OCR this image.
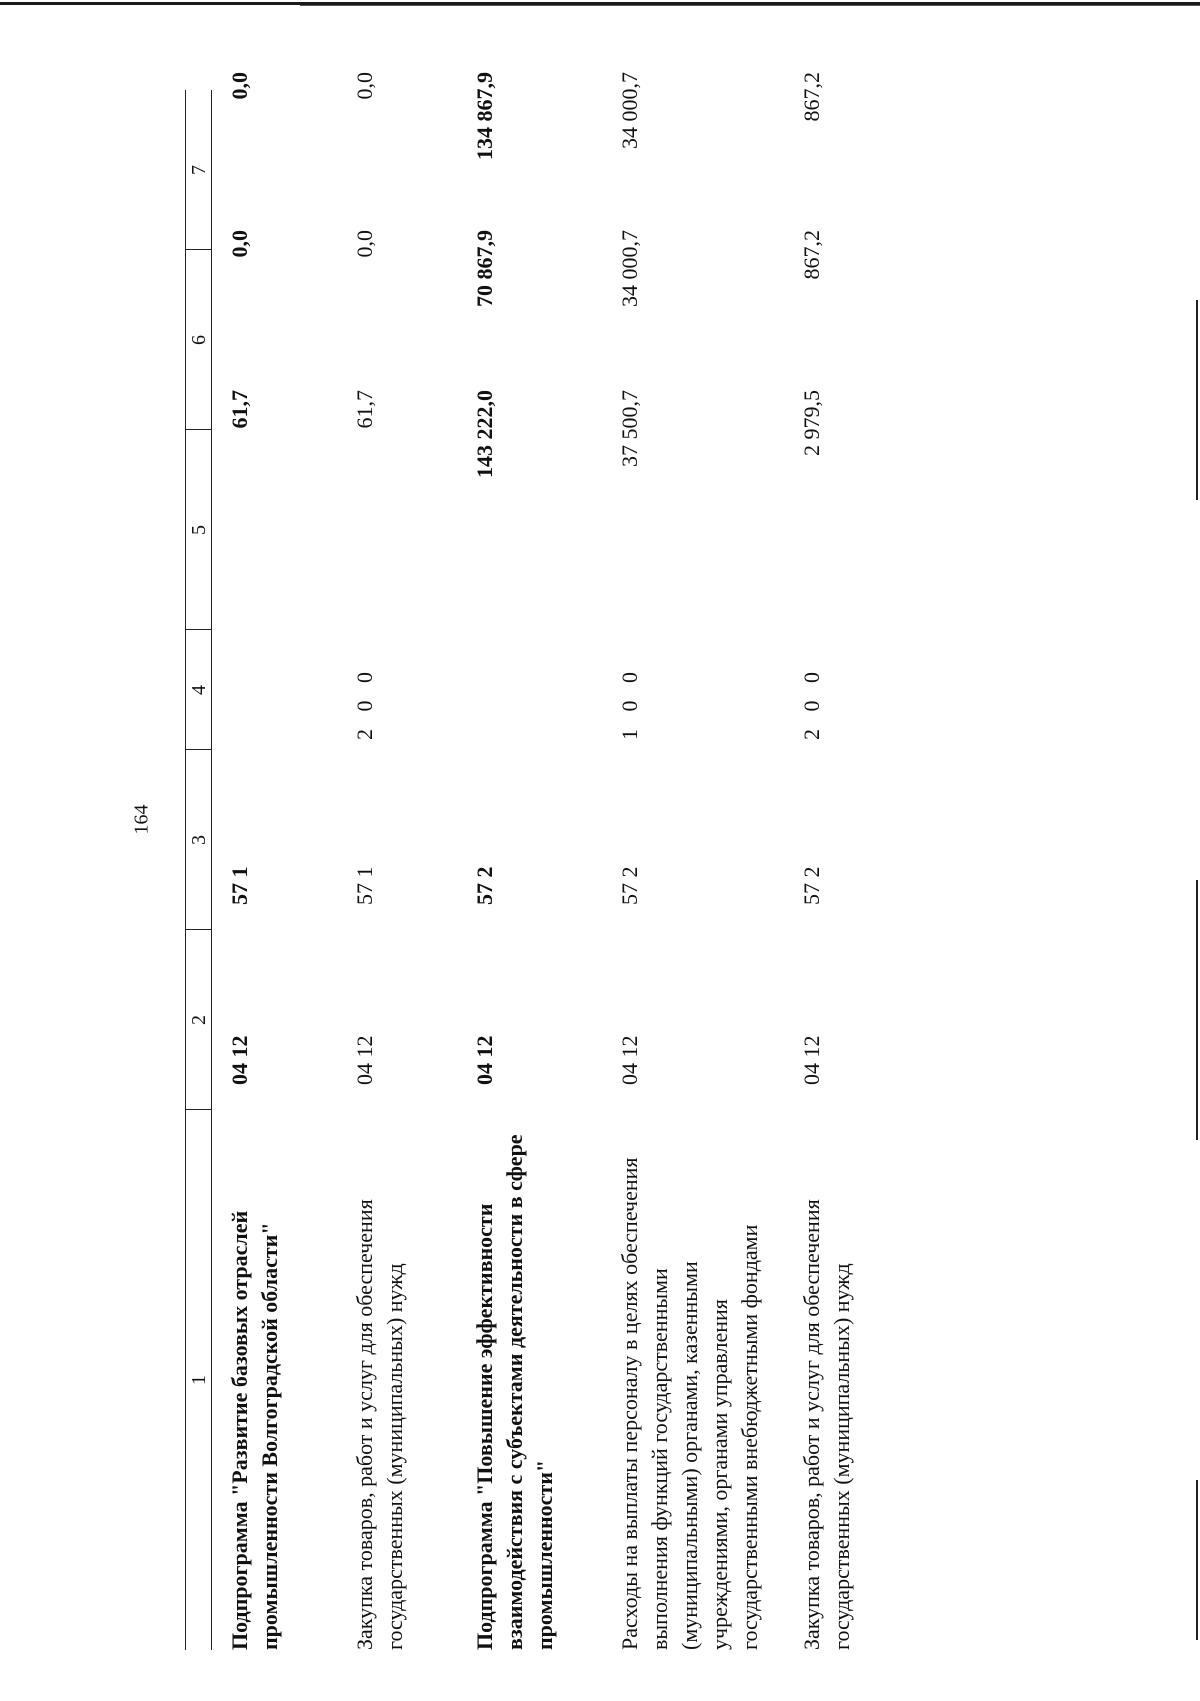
164
1
2
3
4
5
6
7
Подпрограмма "Развитие базовых отраслей промышленности Волгоградской области"
04 12
57 1
61,7
0,0
0,0
Закупка товаров, работ и услуг для обеспечения государственных (муниципальных) нужд
04 12
57 1
2 0 0
61,7
0,0
0,0
Подпрограмма "Повышение эффективности взаимодействия с субъектами деятельности в сфере промышленности"
04 12
57 2
143 222,0
70 867,9
134 867,9
Расходы на выплаты персоналу в целях обеспечения выполнения функций государственными (муниципальными) органами, казенными учреждениями, органами управления государственными внебюджетными фондами
04 12
57 2
1 0 0
37 500,7
34 000,7
34 000,7
Закупка товаров, работ и услуг для обеспечения государственных (муниципальных) нужд
04 12
57 2
2 0 0
2 979,5
867,2
867,2
